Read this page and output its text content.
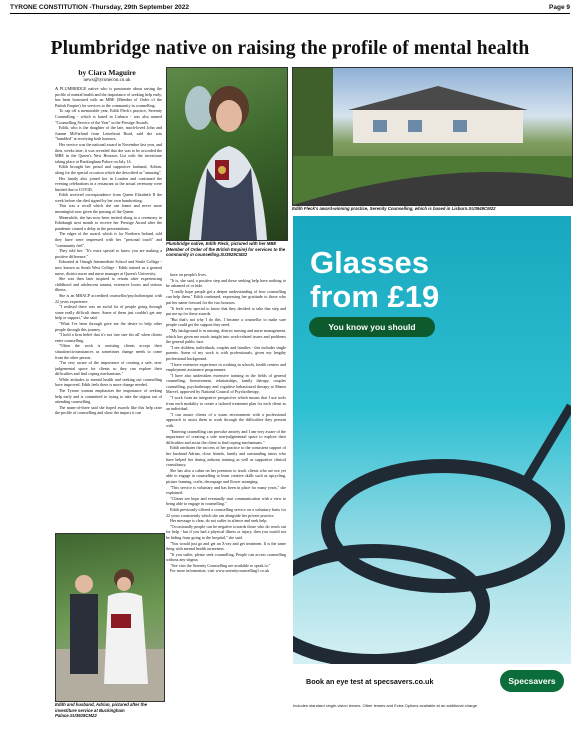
TYRONE CONSTITUTION -Thursday, 29th September 2022	Page 9
Plumbridge native on raising the profile of mental health
by Ciara Maguire
news@tyronecon.co.uk

A PLUMBRIDGE native who is passionate about raising the profile of mental health and the importance of seeking help early, has been honoured with an MBE (Member of Order of the British Empire) for services to the community in counselling.

To cap off a memorable year, Edith Fleck's practice, Serenity Counselling - which is based in Lisburn - was also named "Counselling Service of the Year" in the Prestige Awards.

Edith, who is the daughter of the late, much-loved John and Joanne McFarland from Letterbratt Road, said she was "humbled" at receiving both honours.

Her service was the national award in November last year, and then, weeks later, it was revealed that she was to be accorded the MBE in the Queen's New Honours List with the investiture taking place at Buckingham Palace on July 14.

Edith brought her proud and supportive husband, Adrian, along for the special occasion which she described as "amazing".

Her family also joined her in London and continued the evening celebrations in a restaurant as the actual ceremony were limited due to COVID.

Edith received correspondence from Queen Elizabeth II the week before she died signed by her own handwriting.

This was a recall which she can frame and never more meaningful now given the passing of the Queen.

Meanwhile, she has now been invited along to a ceremony in Edinburgh next month to receive her Prestige Award after the pandemic caused a delay in the presentations.

The edges of the award, which is for Northern Ireland, told they have were impressed with her "personal touch" and "community feel".

They told her: "It's extra special to know you are making a positive difference."

Educated at Omagh Intermediate School and Strule College - now known as South West College - Edith trained as a general nurse, district nurse and nurse manager at Queen's University.

She was then later inspired to retrain after experiencing childhood and adolescent trauma, extensive losses and serious illness.

She is an MBACP accredited counsellor/psychotherapist with 22 years experience.

"I realised there was an awful lot of people going through some really difficult times. Some of them just couldn't get any help or support," she said.

"What I've been through gave me the desire to help other people through this journey.

"I hold a firm belief that it's not 'one size fits all' when clients enter counselling.

"Often the work is assisting clients accept their situation/circumstances as sometimes change needs to come from the other person.

"I'm very aware of the importance of creating a safe, non-judgemental space for clients so they can explore their difficulties and find coping mechanisms."

While attitudes to mental health and seeking out counselling have improved, Edith feels there is more change needed.

The Tyrone woman emphasises the importance of seeking help early and is committed to trying to take the stigma out of attending counselling.

The mum-of-three said she hoped awards like this help raise the profile of counselling and show the impact it can

Plumbridge native, Edith Fleck, pictured with her MBE (Member of Order of the British Empire) for services to the community in counselling.SU3929CM22

have on people's lives.

"It is, she said, a positive step and those seeking help have nothing to be ashamed of or hide.

"I really hope people get a deeper understanding of how counselling can help them," Edith continued, expressing her gratitude to those who put her name forward for the two honours.

"It feels very special to know that they decided to take that step and put me up for these awards.

"But that's not why I do this. I became a counsellor to make sure people could get the support they need.

"My background is in nursing, district nursing and nurse management, which has given me much insight into work-related issues and problems the general public face.

"I see children, individuals, couples and families - this includes single parents. Some of my work is with professionals, given my lengthy professional background.

"I have extensive experience in working in schools, health centres and employment assistance programmes.

"I have also undertaken extensive training in the fields of general counselling, bereavement, relationships, family therapy, couples counselling, psychotherapy and cognitive behavioural therapy at Manor Marvel, approved by National Council of Psychotherapy.

"I work from an integrative perspective which means that I use tools from each modality to create a tailored treatment plan for each client as an individual.

"I can assure clients of a warm environment with a professional approach to assist them to work through the difficulties they present with.

"Entering counselling can provoke anxiety and I am very aware of the importance of creating a safe non-judgemental space to explore their difficulties and assist the client to find coping mechanisms."

Edith attributes the success of her practice to the consistent support of her husband Adrian, close friends, family and outstanding tutors who have helped her during arduous training as well as supportive clinical consultancy.

She has also a cabin on her premises to teach clients who are not yet able to engage in counselling to learn creative skills such as upcycling, picture framing, crafts, decoupage and flower arranging.

"This service is voluntary and has been in place for many years," she explained.

"Clients see hope and eventually start communication with a view to being able to engage in counselling."

Edith previously offered a counselling service on a voluntary basis for 22 years consistently which she ran alongside her private practice.

Her message is clear, do not suffer in silence and seek help.

"Occasionally people can be negative towards those who do reach out for help - but if you had a physical illness or injury, then you would not be hiding from going to the hospital," she said.

"You would just go and get an X-ray and get treatment. It is the same thing with mental health awareness.

"If you suffer, please seek counselling. People can access counselling without any stigma.

"See visit the Serenity Counselling are available to speak to."

For more information, visit www.serenitycounselling1.co.uk

Edith and husband, Adrian, pictured after the investiture service at Buckingham Palace.SU3928CM22
Edith Fleck's award-winning practice, Serenity Counselling, which is based in Lisburn.SU3949CM22
Glasses
from £19
You know you should
Book an eye test at specsavers.co.uk	Specsavers
Includes standard single-vision lenses. Other lenses and Extra Options available at an additional charge.
